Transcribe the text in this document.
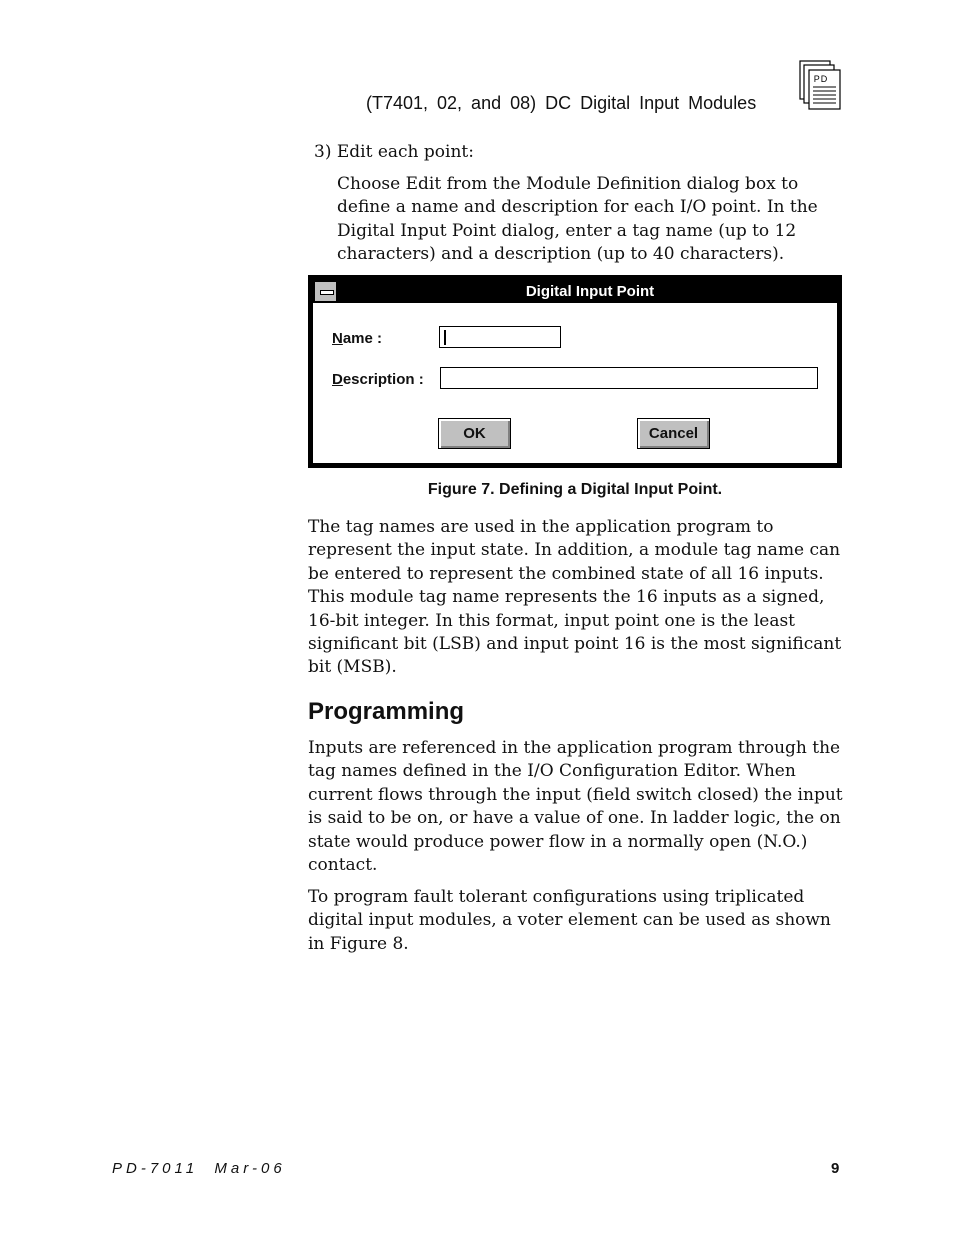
(T7401, 02, and 08) DC Digital Input Modules
PD
3) Edit each point:
Choose Edit from the Module Definition dialog box to
define a name and description for each I/O point. In the
Digital Input Point dialog, enter a tag name (up to 12
characters) and a description (up to 40 characters).
Digital Input Point
Name :
Description :
OK	Cancel
Figure 7. Defining a Digital Input Point.
The tag names are used in the application program to
represent the input state. In addition, a module tag name can
be entered to represent the combined state of all 16 inputs.
This module tag name represents the 16 inputs as a signed,
16-bit integer. In this format, input point one is the least
significant bit (LSB) and input point 16 is the most significant
bit (MSB).
Programming
Inputs are referenced in the application program through the
tag names defined in the I/O Configuration Editor. When
current flows through the input (field switch closed) the input
is said to be on, or have a value of one. In ladder logic, the on
state would produce power flow in a normally open (N.O.)
contact.
To program fault tolerant configurations using triplicated
digital input modules, a voter element can be used as shown
in Figure 8.
PD-7011  Mar-06	9
